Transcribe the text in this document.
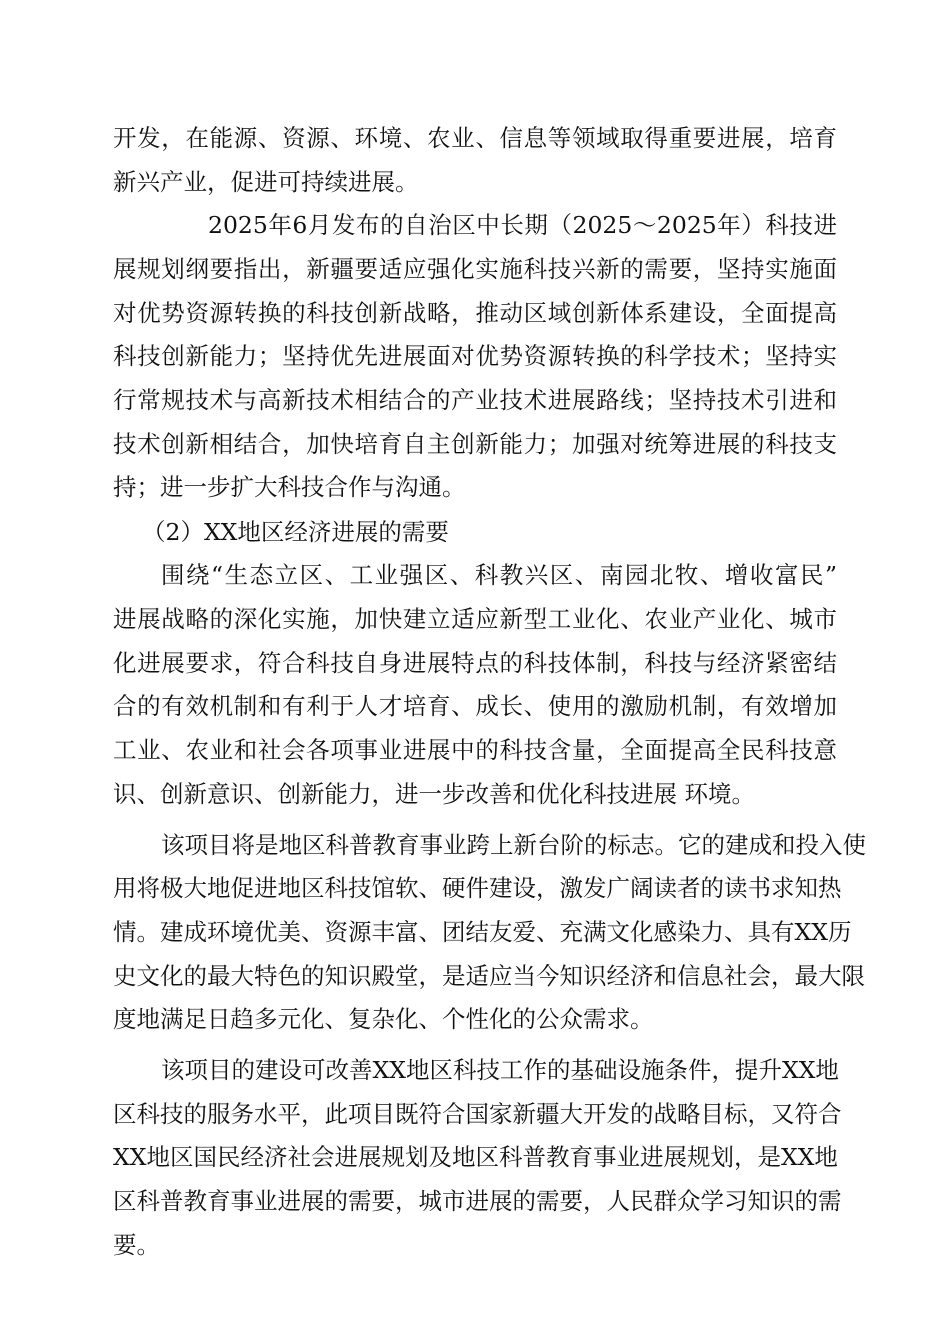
开发，在能源、资源、环境、农业、信息等领域取得重要进展，培育
新兴产业，促进可持续进展。
2025年6月发布的自治区中长期（2025～2025年）科技进
展规划纲要指出，新疆要适应强化实施科技兴新的需要，坚持实施面
对优势资源转换的科技创新战略，推动区域创新体系建设，全面提高
科技创新能力；坚持优先进展面对优势资源转换的科学技术；坚持实
行常规技术与高新技术相结合的产业技术进展路线；坚持技术引进和
技术创新相结合，加快培育自主创新能力；加强对统筹进展的科技支
持；进一步扩大科技合作与沟通。
（2）XX地区经济进展的需要
围绕“生态立区、工业强区、科教兴区、南园北牧、增收富民”
进展战略的深化实施，加快建立适应新型工业化、农业产业化、城市
化进展要求，符合科技自身进展特点的科技体制，科技与经济紧密结
合的有效机制和有利于人才培育、成长、使用的激励机制，有效增加
工业、农业和社会各项事业进展中的科技含量，全面提高全民科技意
识、创新意识、创新能力，进一步改善和优化科技进展 环境。
该项目将是地区科普教育事业跨上新台阶的标志。它的建成和投入使
用将极大地促进地区科技馆软、硬件建设，激发广阔读者的读书求知热
情。建成环境优美、资源丰富、团结友爱、充满文化感染力、具有XX历
史文化的最大特色的知识殿堂，是适应当今知识经济和信息社会，最大限
度地满足日趋多元化、复杂化、个性化的公众需求。
该项目的建设可改善XX地区科技工作的基础设施条件，提升XX地
区科技的服务水平，此项目既符合国家新疆大开发的战略目标，又符合
XX地区国民经济社会进展规划及地区科普教育事业进展规划，是XX地
区科普教育事业进展的需要，城市进展的需要，人民群众学习知识的需
要。
